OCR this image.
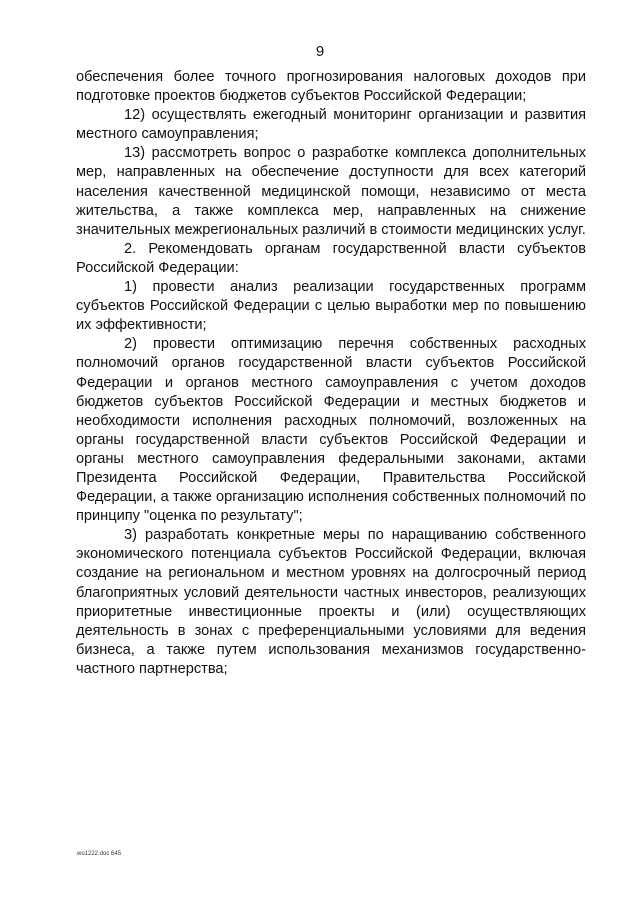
9

обеспечения более точного прогнозирования налоговых доходов при подготовке проектов бюджетов субъектов Российской Федерации;

12) осуществлять ежегодный мониторинг организации и развития местного самоуправления;

13) рассмотреть вопрос о разработке комплекса дополнительных мер, направленных на обеспечение доступности для всех категорий населения качественной медицинской помощи, независимо от места жительства, а также комплекса мер, направленных на снижение значительных межрегиональных различий в стоимости медицинских услуг.

2. Рекомендовать органам государственной власти субъектов Российской Федерации:

1) провести анализ реализации государственных программ субъектов Российской Федерации с целью выработки мер по повышению их эффективности;

2) провести оптимизацию перечня собственных расходных полномочий органов государственной власти субъектов Российской Федерации и органов местного самоуправления с учетом доходов бюджетов субъектов Российской Федерации и местных бюджетов и необходимости исполнения расходных полномочий, возложенных на органы государственной власти субъектов Российской Федерации и органы местного самоуправления федеральными законами, актами Президента Российской Федерации, Правительства Российской Федерации, а также организацию исполнения собственных полномочий по принципу "оценка по результату";

3) разработать конкретные меры по наращиванию собственного экономического потенциала субъектов Российской Федерации, включая создание на региональном и местном уровнях на долгосрочный период благоприятных условий деятельности частных инвесторов, реализующих приоритетные инвестиционные проекты и (или) осуществляющих деятельность в зонах с преференциальными условиями для ведения бизнеса, а также путем использования механизмов государственно-частного партнерства;

wo1222.doc 645
